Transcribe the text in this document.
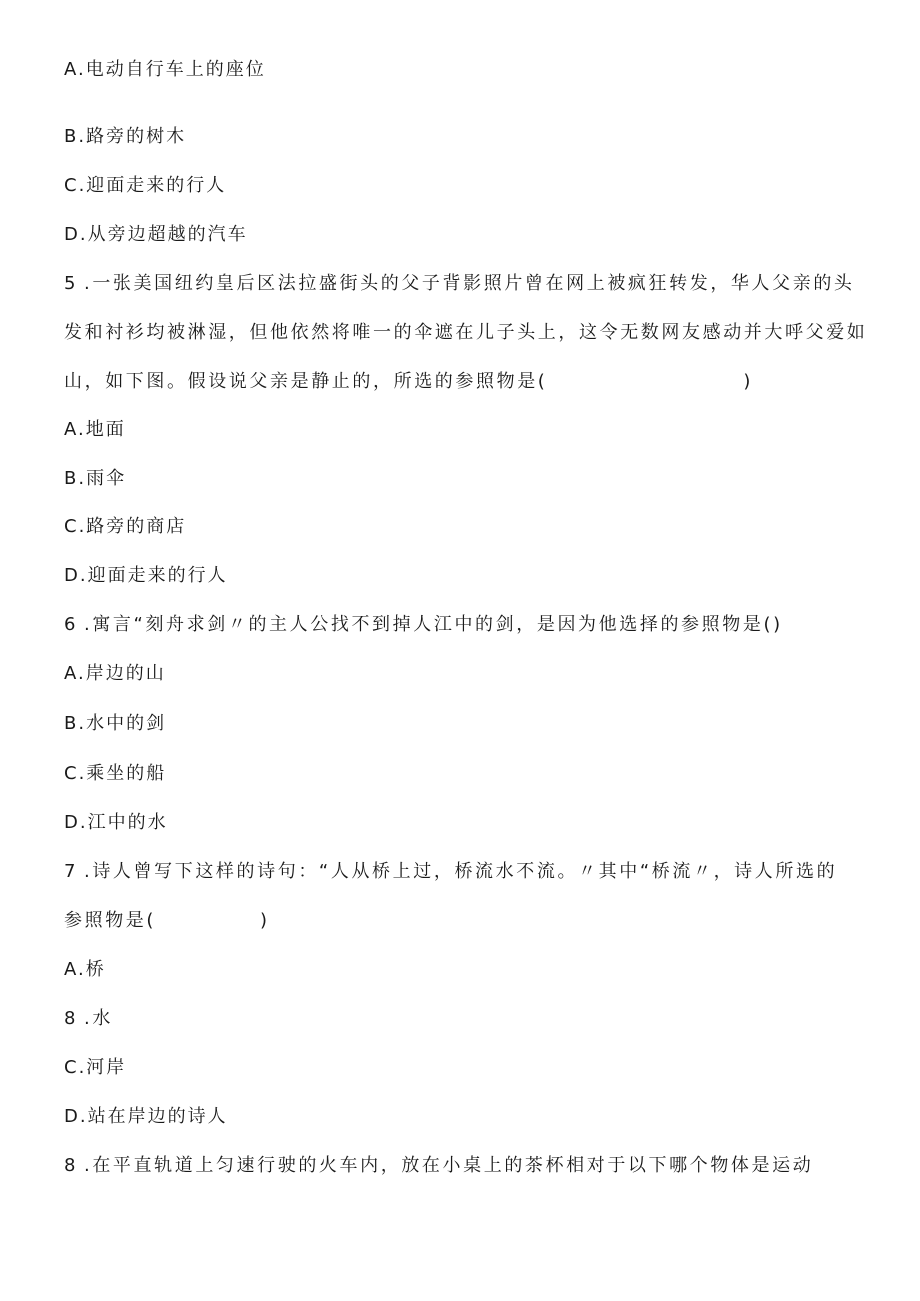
A.电动自行车上的座位
B.路旁的树木
C.迎面走来的行人
D.从旁边超越的汽车
5 .一张美国纽约皇后区法拉盛街头的父子背影照片曾在网上被疯狂转发，华人父亲的头
发和衬衫均被淋湿，但他依然将唯一的伞遮在儿子头上，这令无数网友感动并大呼父爱如
山，如下图。假设说父亲是静止的，所选的参照物是(	)
A.地面
B.雨伞
C.路旁的商店
D.迎面走来的行人
6 .寓言“刻舟求剑〃的主人公找不到掉人江中的剑，是因为他选择的参照物是()
A.岸边的山
B.水中的剑
C.乘坐的船
D.江中的水
7 .诗人曾写下这样的诗句：“人从桥上过，桥流水不流。〃其中“桥流〃，诗人所选的
参照物是(	)
A.桥
8 .水
C.河岸
D.站在岸边的诗人
8 .在平直轨道上匀速行驶的火车内，放在小桌上的茶杯相对于以下哪个物体是运动
